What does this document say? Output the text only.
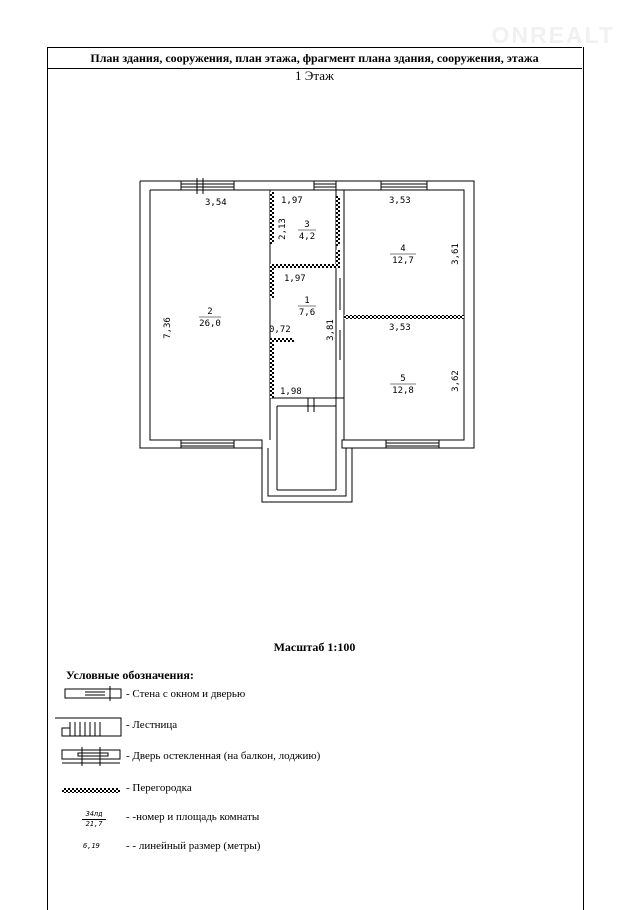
План здания, сооружения, план этажа, фрагмент плана здания, сооружения, этажа
ONREALT
1 Этаж
2
26,0
3
4,2
1
7,6
4
12,7
5
12,8
3,54	1,97	3,53
1,97
3,53
0,72
1,98
7,36
2,13
3,81
3,61
3,62
Масштаб 1:100
Условные обозначения:
- Стена с окном и дверью
- Лестница
- Дверь остекленная (на балкон, лоджию)
- Перегородка
- -номер и площадь комнаты
- - линейный размер (метры)
34лд
21,7
6,19
